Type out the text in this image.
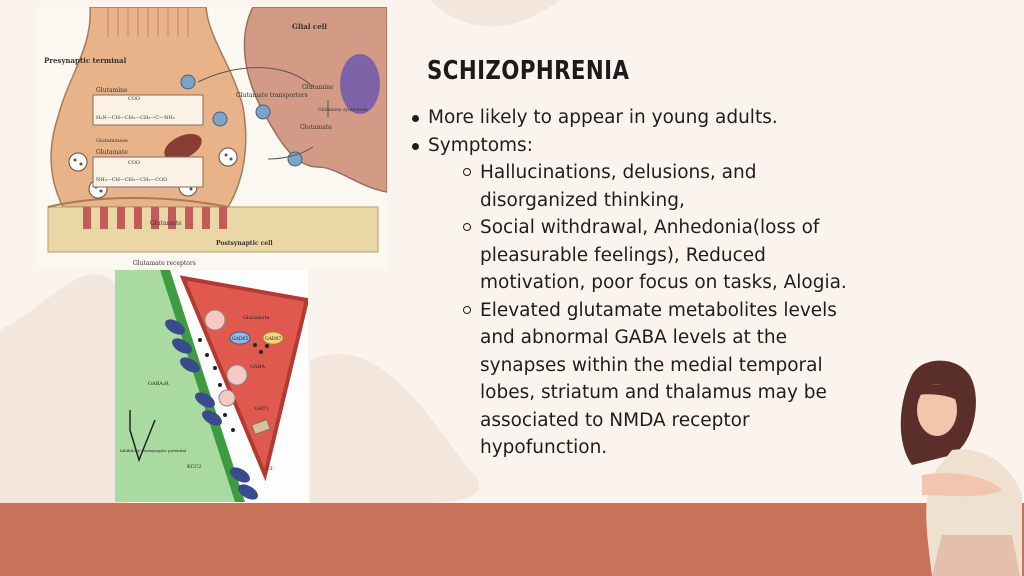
Presynaptic terminal
Glial cell
Glutamine
COO
H₂N—CH—CH₂—CH₂—C—NH₂
Glutaminase
Glutamate
COO
NH₃—CH—CH₂—CH₂—COO
Glutamate transporters
Glutamine
Glutamine synthetase
Glutamate
Glutamate
Postsynaptic cell
Glutamate receptors
Glutamate
GAD65	GAD67
GABA
GABA₂R
GAT1
Inhibitory postsynaptic potential
KCC2	Cl⁻
SCHIZOPHRENIA
More likely to appear in young adults.
Symptoms:
Hallucinations, delusions, and disorganized thinking,
Social withdrawal, Anhedonia(loss of pleasurable feelings), Reduced motivation, poor focus on tasks, Alogia.
Elevated glutamate metabolites levels and abnormal GABA levels at the synapses within the medial temporal lobes, striatum and thalamus may be associated to NMDA receptor hypofunction.
